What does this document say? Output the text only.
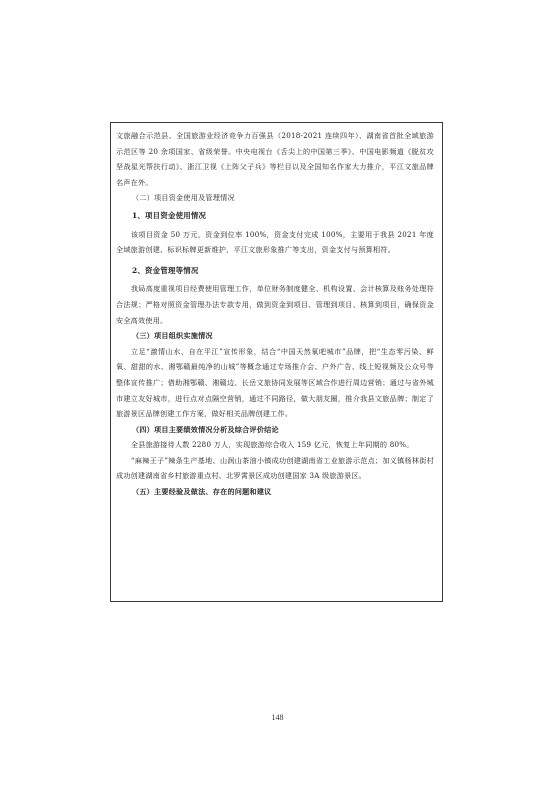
文旅融合示范县、全国旅游业经济竞争力百强县（2018-2021 连续四年）、湖南省首批全域旅游示范区等 20 余项国家、省级荣誉。中央电视台《舌尖上的中国第三季》、中国电影频道《脱贫攻坚战星光帮扶行动》、浙江卫视《上阵父子兵》等栏目以及全国知名作家大力推介，平江文旅品牌名声在外。

（二）项目资金使用及管理情况

1、项目资金使用情况

该项目资金 50 万元，资金到位率 100%，资金支付完成 100%，主要用于我县 2021 年度全域旅游创建、标识标牌更新维护、平江文旅形象推广等支出，资金支付与预算相符。

2、资金管理等情况

我局高度重视项目经费使用管理工作，单位财务制度健全、机构设置、会计核算及账务处理符合法规；严格对照资金管理办法专款专用，做到资金到项目、管理到项目、核算到项目，确保资金安全高效使用。

（三）项目组织实施情况

立足“激情山水、自在平江”宣传形象，结合“中国天然氧吧城市”品牌，把“生态零污染、鲜氧、甜甜的水、湘鄂赣最纯净的山城”等概念通过专场推介会、户外广告、线上短视频及公众号等整体宣传推广；借助湘鄂赣、湘赣边、长岳文旅协同发展等区域合作进行周边营销；通过与省外城市建立友好城市，进行点对点隔空营销，通过不同路径，做大朋友圈，推介我县文旅品牌；制定了旅游景区品牌创建工作方案，做好相关品牌创建工作。

（四）项目主要绩效情况分析及综合评价结论

全县旅游接待人数 2280 万人，实现旅游综合收入 159 亿元，恢复上年同期的 80%。

“麻辣王子”辣条生产基地、山润山茶油小镇成功创建湖南省工业旅游示范点；加义镇杨林街村成功创建湖南省乡村旅游重点村、北罗霄景区成功创建国家 3A 级旅游景区。

（五）主要经验及做法、存在的问题和建议

148
